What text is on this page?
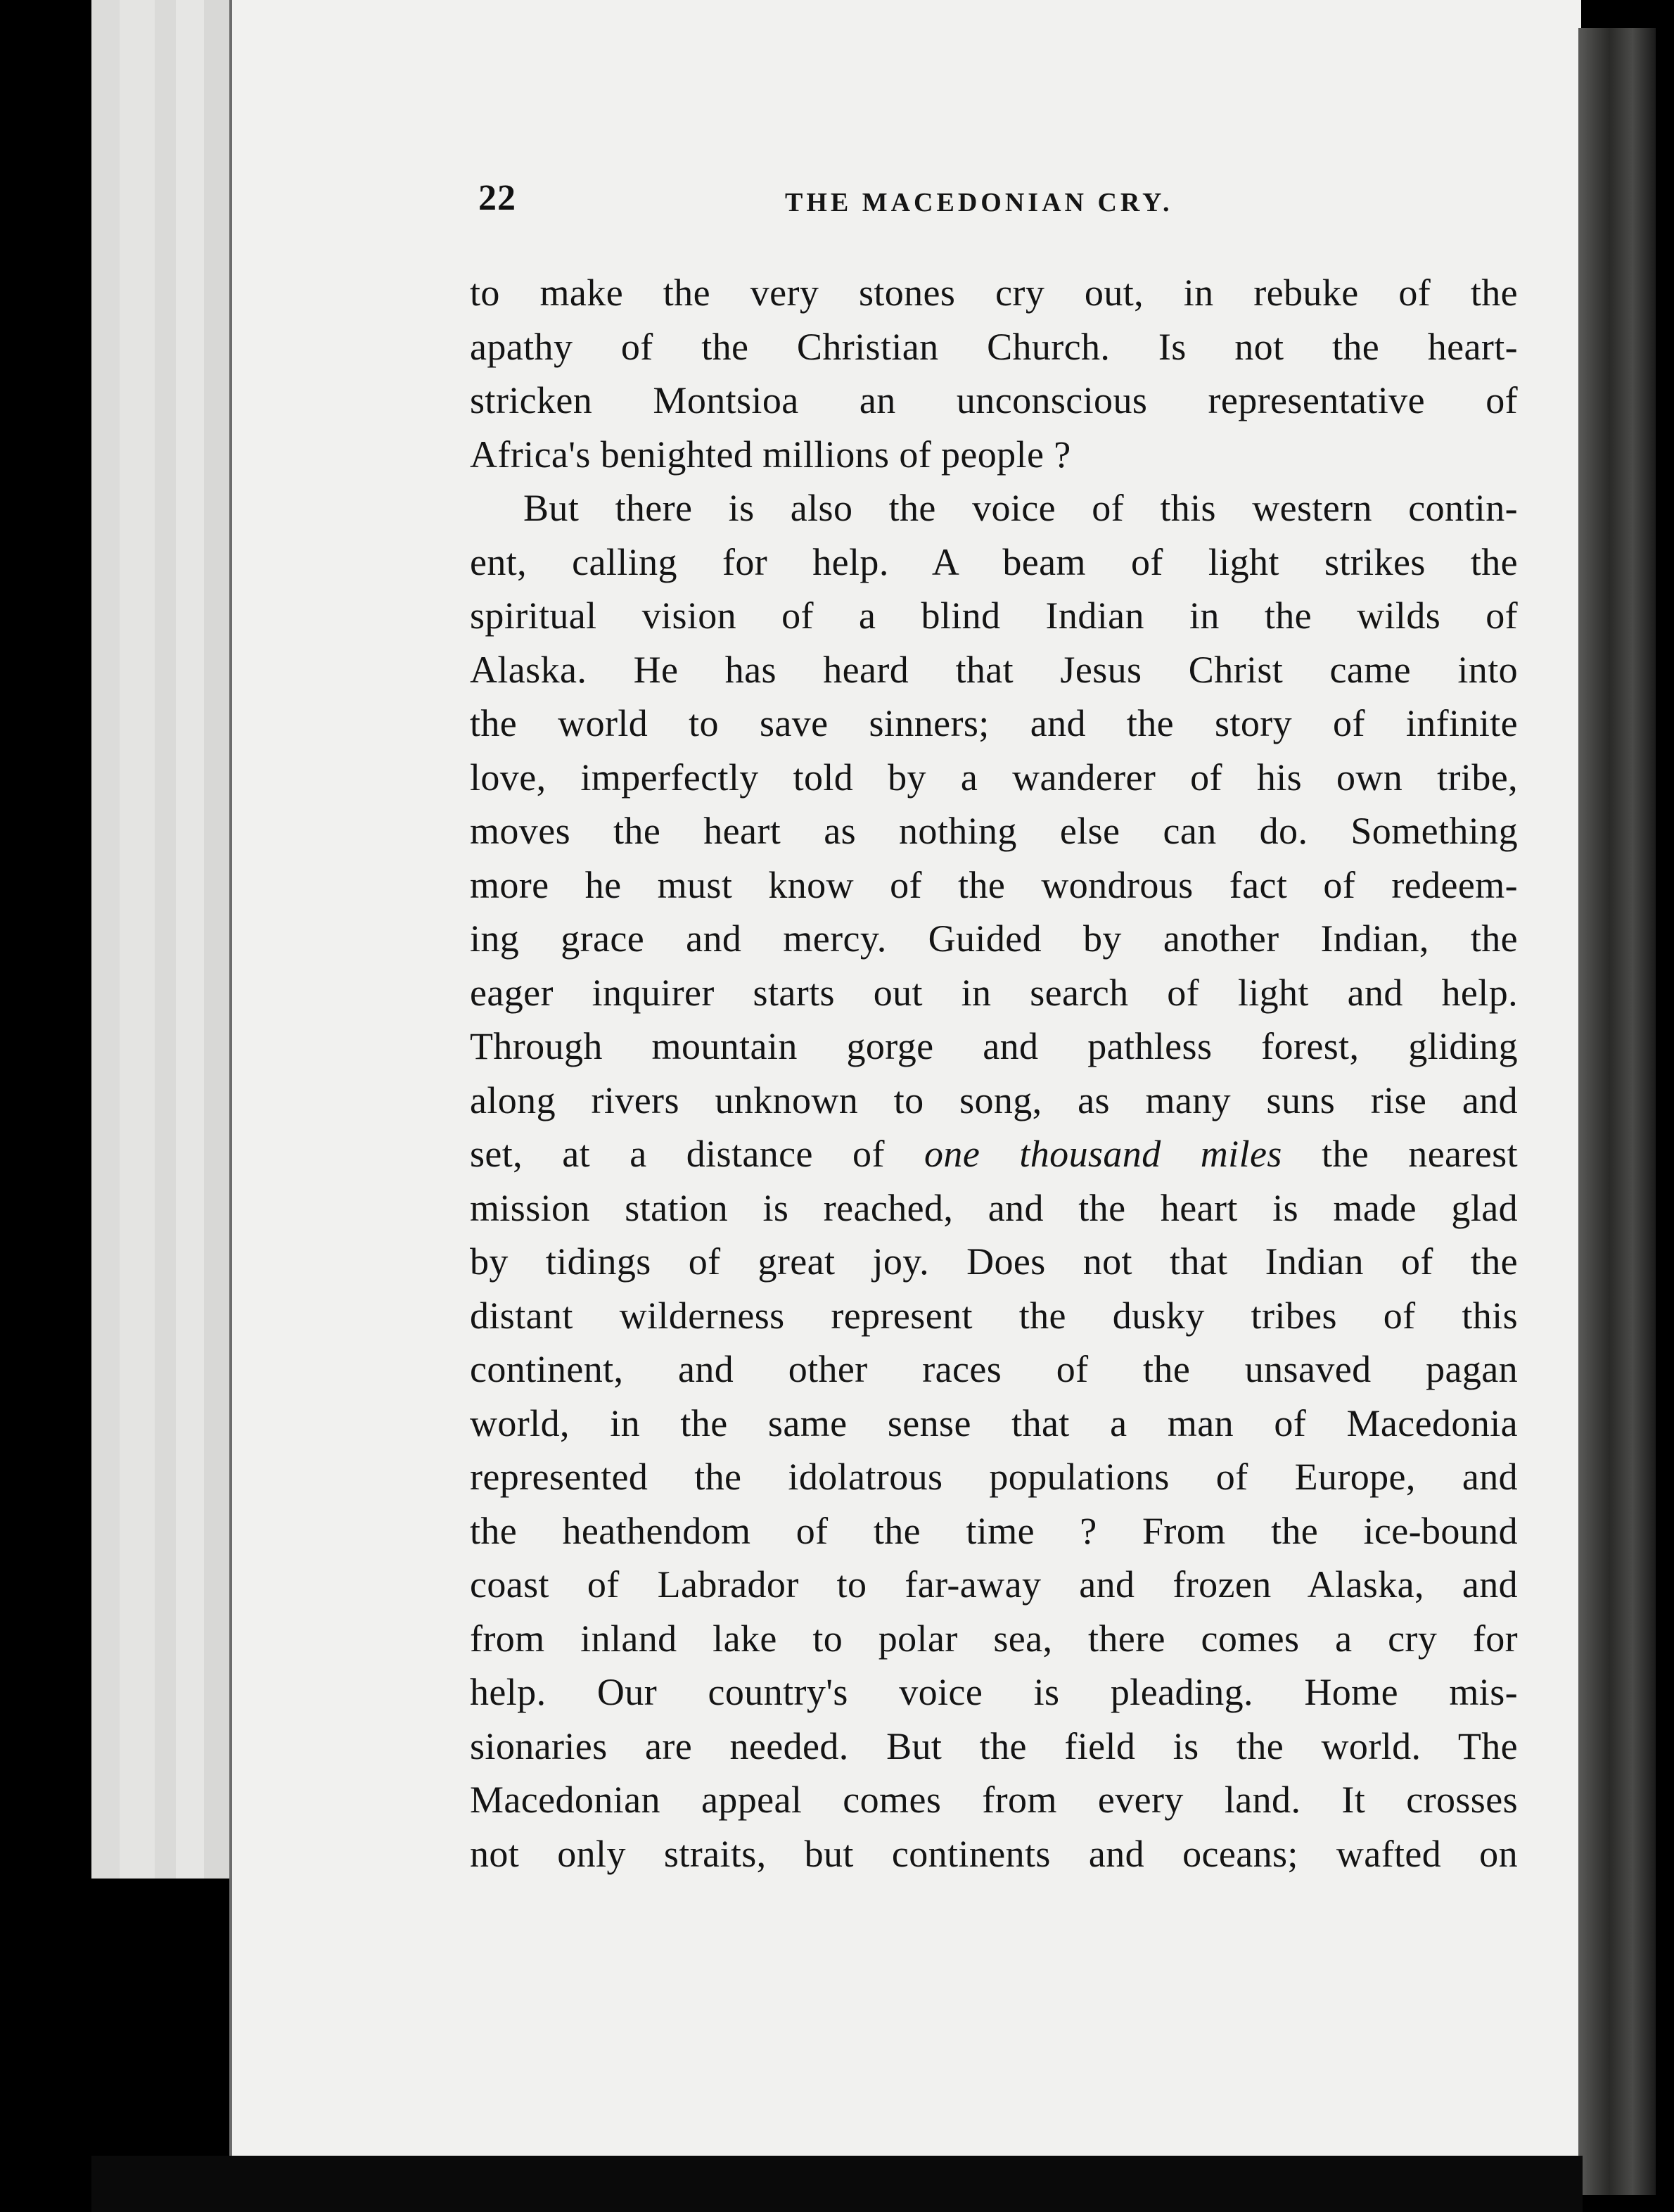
22	THE MACEDONIAN CRY.
to make the very stones cry out, in rebuke of the
apathy of the Christian Church. Is not the heart-
stricken Montsioa an unconscious representative of
Africa's benighted millions of people ?
But there is also the voice of this western contin-
ent, calling for help. A beam of light strikes the
spiritual vision of a blind Indian in the wilds of
Alaska. He has heard that Jesus Christ came into
the world to save sinners; and the story of infinite
love, imperfectly told by a wanderer of his own tribe,
moves the heart as nothing else can do. Something
more he must know of the wondrous fact of redeem-
ing grace and mercy. Guided by another Indian, the
eager inquirer starts out in search of light and help.
Through mountain gorge and pathless forest, gliding
along rivers unknown to song, as many suns rise and
set, at a distance of one thousand miles the nearest
mission station is reached, and the heart is made glad
by tidings of great joy. Does not that Indian of the
distant wilderness represent the dusky tribes of this
continent, and other races of the unsaved pagan
world, in the same sense that a man of Macedonia
represented the idolatrous populations of Europe, and
the heathendom of the time ? From the ice-bound
coast of Labrador to far-away and frozen Alaska, and
from inland lake to polar sea, there comes a cry for
help. Our country's voice is pleading. Home mis-
sionaries are needed. But the field is the world. The
Macedonian appeal comes from every land. It crosses
not only straits, but continents and oceans; wafted on
